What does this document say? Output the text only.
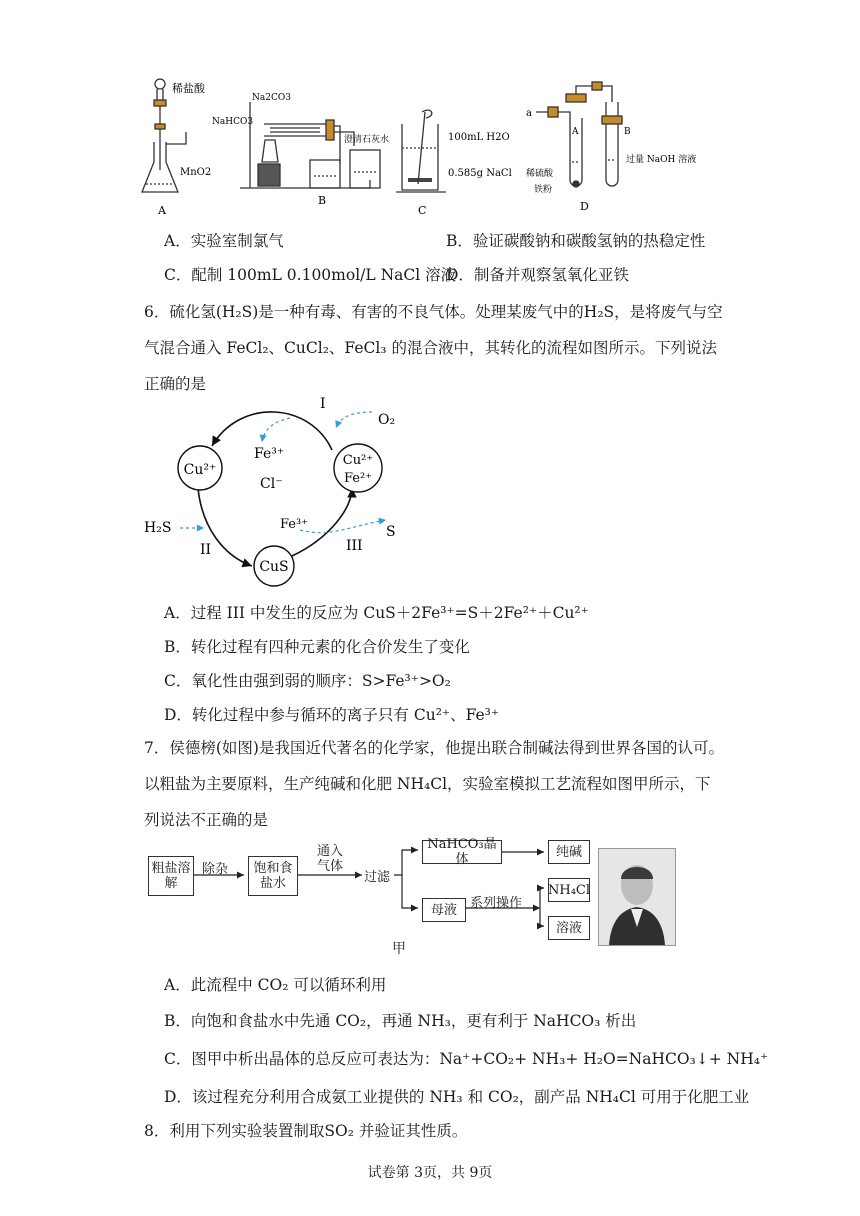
稀盐酸
MnO2
A
Na2CO3
NaHCO3
澄清石灰水
B
100mL H2O
0.585g NaCl
C
a
A	B
稀硫酸
铁粉
过量 NaOH 溶液
D
A．实验室制氯气	B．验证碳酸钠和碳酸氢钠的热稳定性
C．配制 100mL 0.100mol/L NaCl 溶液
D．制备并观察氢氧化亚铁
6．硫化氢(H₂S)是一种有毒、有害的不良气体。处理某废气中的H₂S，是将废气与空气混合通入 FeCl₂、CuCl₂、FeCl₃ 的混合液中，其转化的流程如图所示。下列说法正确的是
Cu²⁺
CuS
Cu²⁺
Fe²⁺
Fe³⁺
Cl⁻
O₂
H₂S	Fe³⁺	S
I
II	III
A．过程 III 中发生的反应为 CuS＋2Fe³⁺=S＋2Fe²⁺＋Cu²⁺
B．转化过程有四种元素的化合价发生了变化
C．氧化性由强到弱的顺序：S>Fe³⁺>O₂
D．转化过程中参与循环的离子只有 Cu²⁺、Fe³⁺
7．侯德榜(如图)是我国近代著名的化学家，他提出联合制碱法得到世界各国的认可。以粗盐为主要原料，生产纯碱和化肥 NH₄Cl，实验室模拟工艺流程如图甲所示，下列说法不正确的是
粗盐溶解
除杂	饱和食盐水
通入气体
过滤
NaHCO₃晶体	纯碱
母液	系列操作
NH₄Cl
溶液
甲
A．此流程中 CO₂ 可以循环利用
B．向饱和食盐水中先通 CO₂，再通 NH₃，更有利于 NaHCO₃ 析出
C．图甲中析出晶体的总反应可表达为：Na⁺+CO₂+ NH₃+ H₂O=NaHCO₃↓+ NH₄⁺
D．该过程充分利用合成氨工业提供的 NH₃ 和 CO₂，副产品 NH₄Cl 可用于化肥工业
8．利用下列实验装置制取SO₂ 并验证其性质。
试卷第 3页，共 9页
